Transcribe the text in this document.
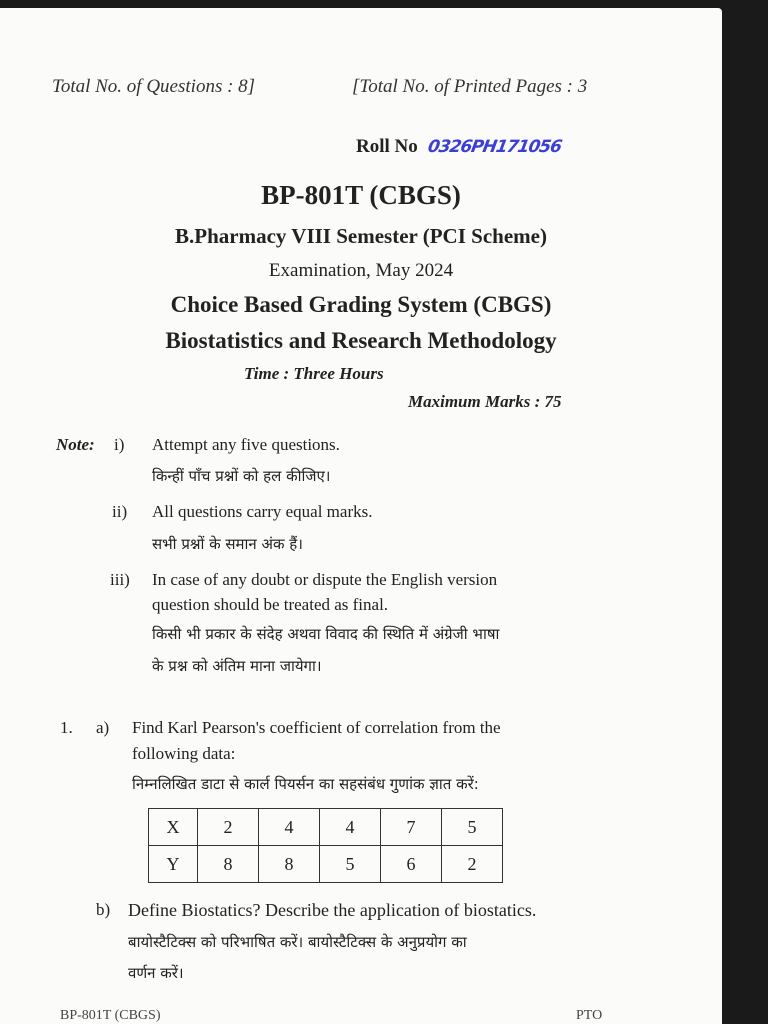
Total No. of Questions : 8]	[Total No. of Printed Pages : 3
Roll No 0326PH171056
BP-801T (CBGS)
B.Pharmacy VIII Semester (PCI Scheme)
Examination, May 2024
Choice Based Grading System (CBGS)
Biostatistics and Research Methodology
Time : Three Hours
Maximum Marks : 75
Note: i) Attempt any five questions.
किन्हीं पाँच प्रश्नों को हल कीजिए।
ii) All questions carry equal marks.
सभी प्रश्नों के समान अंक हैं।
iii) In case of any doubt or dispute the English version
question should be treated as final.
किसी भी प्रकार के संदेह अथवा विवाद की स्थिति में अंग्रेजी भाषा
के प्रश्न को अंतिम माना जायेगा।
1. a) Find Karl Pearson's coefficient of correlation from the
following data:
निम्नलिखित डाटा से कार्ल पियर्सन का सहसंबंध गुणांक ज्ञात करें:
X	2	4	4	7	5
Y	8	8	5	6	2
b) Define Biostatics? Describe the application of biostatics.
बायोस्टैटिक्स को परिभाषित करें। बायोस्टैटिक्स के अनुप्रयोग का
वर्णन करें।
BP-801T (CBGS)	PTO
